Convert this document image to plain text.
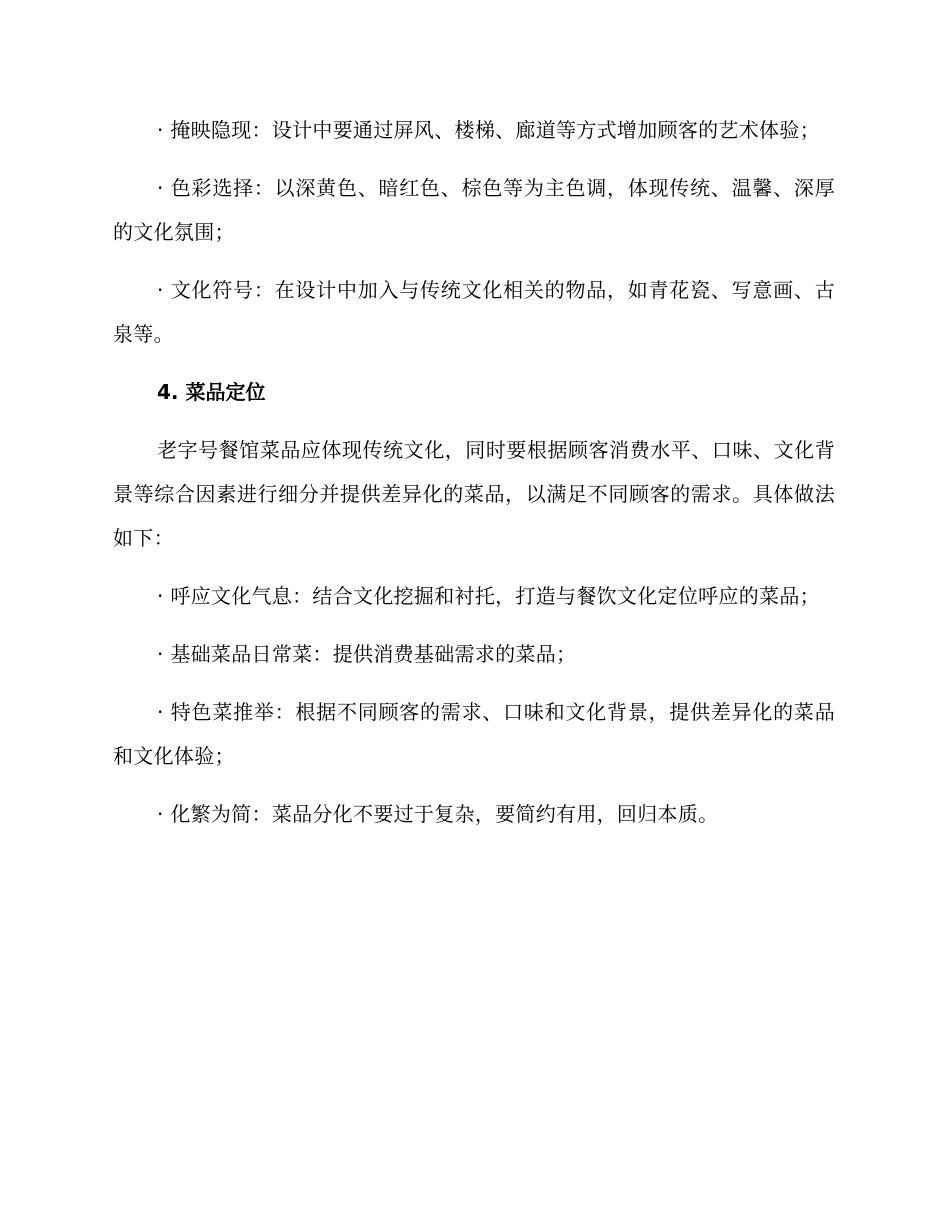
· 掩映隐现：设计中要通过屏风、楼梯、廊道等方式增加顾客的艺术体验；

· 色彩选择：以深黄色、暗红色、棕色等为主色调，体现传统、温馨、深厚的文化氛围；

· 文化符号：在设计中加入与传统文化相关的物品，如青花瓷、写意画、古泉等。

4. 菜品定位

老字号餐馆菜品应体现传统文化，同时要根据顾客消费水平、口味、文化背景等综合因素进行细分并提供差异化的菜品，以满足不同顾客的需求。具体做法如下：

· 呼应文化气息：结合文化挖掘和衬托，打造与餐饮文化定位呼应的菜品；

· 基础菜品日常菜：提供消费基础需求的菜品；

· 特色菜推举：根据不同顾客的需求、口味和文化背景，提供差异化的菜品和文化体验；

· 化繁为简：菜品分化不要过于复杂，要简约有用，回归本质。
